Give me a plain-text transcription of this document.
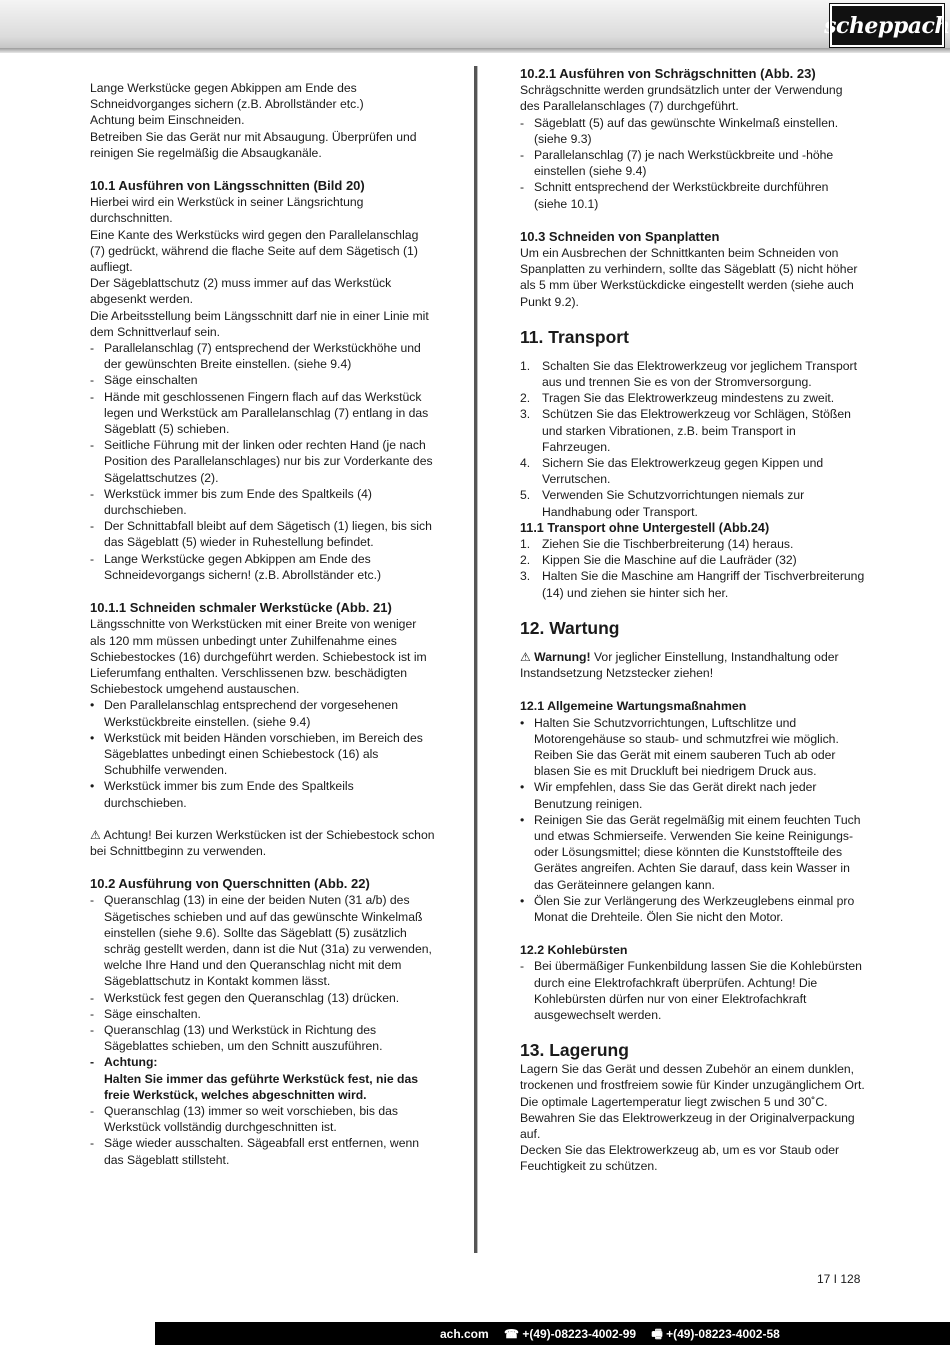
scheppach

Lange Werkstücke gegen Abkippen am Ende des Schneidvorganges sichern (z.B. Abrollständer etc.)

Achtung beim Einschneiden.

Betreiben Sie das Gerät nur mit Absaugung. Überprüfen und reinigen Sie regelmäßig die Absaugkanäle.

10.1 Ausführen von Längsschnitten (Bild 20)

Hierbei wird ein Werkstück in seiner Längsrichtung durchschnitten.

Eine Kante des Werkstücks wird gegen den Parallelanschlag (7) gedrückt, während die flache Seite auf dem Sägetisch (1) aufliegt.

Der Sägeblattschutz (2) muss immer auf das Werkstück abgesenkt werden.

Die Arbeitsstellung beim Längsschnitt darf nie in einer Linie mit dem Schnittverlauf sein.

- Parallelanschlag (7) entsprechend der Werkstückhöhe und der gewünschten Breite einstellen. (siehe 9.4)
- Säge einschalten
- Hände mit geschlossenen Fingern flach auf das Werkstück legen und Werkstück am Parallelanschlag (7) entlang in das Sägeblatt (5) schieben.
- Seitliche Führung mit der linken oder rechten Hand (je nach Position des Parallelanschlages) nur bis zur Vorderkante des Sägelattschutzes (2).
- Werkstück immer bis zum Ende des Spaltkeils (4) durchschieben.
- Der Schnittabfall bleibt auf dem Sägetisch (1) liegen, bis sich das Sägeblatt (5) wieder in Ruhestellung befindet.
- Lange Werkstücke gegen Abkippen am Ende des Schneidevorgangs sichern! (z.B. Abrollständer etc.)

10.1.1 Schneiden schmaler Werkstücke (Abb. 21)

Längsschnitte von Werkstücken mit einer Breite von weniger als 120 mm müssen unbedingt unter Zuhilfenahme eines Schiebestockes (16) durchgeführt werden. Schiebestock ist im Lieferumfang enthalten. Verschlissenen bzw. beschädigten Schiebestock umgehend austauschen.

• Den Parallelanschlag entsprechend der vorgesehenen Werkstückbreite einstellen. (siehe 9.4)
• Werkstück mit beiden Händen vorschieben, im Bereich des Sägeblattes unbedingt einen Schiebestock (16) als Schubhilfe verwenden.
• Werkstück immer bis zum Ende des Spaltkeils durchschieben.

⚠ Achtung! Bei kurzen Werkstücken ist der Schiebestock schon bei Schnittbeginn zu verwenden.

10.2 Ausführung von Querschnitten (Abb. 22)

- Queranschlag (13) in eine der beiden Nuten (31 a/b) des Sägetisches schieben und auf das gewünschte Winkelmaß einstellen (siehe 9.6). Sollte das Sägeblatt (5) zusätzlich schräg gestellt werden, dann ist die Nut (31a) zu verwenden, welche Ihre Hand und den Queranschlag nicht mit dem Sägeblattschutz in Kontakt kommen lässt.
- Werkstück fest gegen den Queranschlag (13) drücken.
- Säge einschalten.
- Queranschlag (13) und Werkstück in Richtung des Sägeblattes schieben, um den Schnitt auszuführen.
- Achtung:
Halten Sie immer das geführte Werkstück fest, nie das freie Werkstück, welches abgeschnitten wird.
- Queranschlag (13) immer so weit vorschieben, bis das Werkstück vollständig durchgeschnitten ist.
- Säge wieder ausschalten. Sägeabfall erst entfernen, wenn das Sägeblatt stillsteht.

10.2.1 Ausführen von Schrägschnitten (Abb. 23)

Schrägschnitte werden grundsätzlich unter der Verwendung des Parallelanschlages (7) durchgeführt.

- Sägeblatt (5) auf das gewünschte Winkelmaß einstellen. (siehe 9.3)
- Parallelanschlag (7) je nach Werkstückbreite und -höhe einstellen (siehe 9.4)
- Schnitt entsprechend der Werkstückbreite durchführen (siehe 10.1)

10.3 Schneiden von Spanplatten

Um ein Ausbrechen der Schnittkanten beim Schneiden von Spanplatten zu verhindern, sollte das Sägeblatt (5) nicht höher als 5 mm über Werkstückdicke eingestellt werden (siehe auch Punkt 9.2).

11. Transport

1. Schalten Sie das Elektrowerkzeug vor jeglichem Transport aus und trennen Sie es von der Stromversorgung.
2. Tragen Sie das Elektrowerkzeug mindestens zu zweit.
3. Schützen Sie das Elektrowerkzeug vor Schlägen, Stößen und starken Vibrationen, z.B. beim Transport in Fahrzeugen.
4. Sichern Sie das Elektrowerkzeug gegen Kippen und Verrutschen.
5. Verwenden Sie Schutzvorrichtungen niemals zur Handhabung oder Transport.

11.1 Transport ohne Untergestell (Abb.24)

1. Ziehen Sie die Tischberbreiterung (14) heraus.
2. Kippen Sie die Maschine auf die Laufräder (32)
3. Halten Sie die Maschine am Hangriff der Tischverbreiterung (14) und ziehen sie hinter sich her.

12. Wartung

⚠ Warnung! Vor jeglicher Einstellung, Instandhaltung oder Instandsetzung Netzstecker ziehen!

12.1 Allgemeine Wartungsmaßnahmen

• Halten Sie Schutzvorrichtungen, Luftschlitze und Motorengehäuse so staub- und schmutzfrei wie möglich. Reiben Sie das Gerät mit einem sauberen Tuch ab oder blasen Sie es mit Druckluft bei niedrigem Druck aus.
• Wir empfehlen, dass Sie das Gerät direkt nach jeder Benutzung reinigen.
• Reinigen Sie das Gerät regelmäßig mit einem feuchten Tuch und etwas Schmierseife. Verwenden Sie keine Reinigungs- oder Lösungsmittel; diese könnten die Kunststoffteile des Gerätes angreifen. Achten Sie darauf, dass kein Wasser in das Geräteinnere gelangen kann.
• Ölen Sie zur Verlängerung des Werkzeuglebens einmal pro Monat die Drehteile. Ölen Sie nicht den Motor.

12.2 Kohlebürsten

- Bei übermäßiger Funkenbildung lassen Sie die Kohlebürsten durch eine Elektrofachkraft überprüfen. Achtung! Die Kohlebürsten dürfen nur von einer Elektrofachkraft ausgewechselt werden.

13. Lagerung

Lagern Sie das Gerät und dessen Zubehör an einem dunklen, trockenen und frostfreiem sowie für Kinder unzugänglichem Ort. Die optimale Lagertemperatur liegt zwischen 5 und 30˚C.

Bewahren Sie das Elektrowerkzeug in der Originalverpackung auf.

Decken Sie das Elektrowerkzeug ab, um es vor Staub oder Feuchtigkeit zu schützen.

17 I 128
ach.com ☎ +(49)-08223-4002-99 🖷 +(49)-08223-4002-58
